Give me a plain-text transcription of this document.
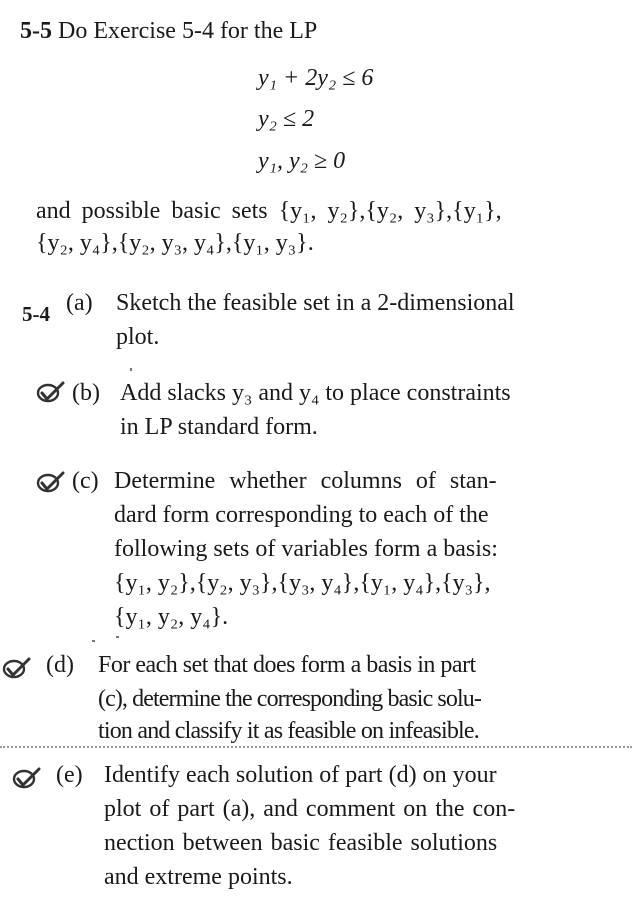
5-5 Do Exercise 5-4 for the LP
y₁ + 2y₂ ≤ 6
y₂ ≤ 2
y₁, y₂ ≥ 0
and possible basic sets {y₁, y₂},{y₂, y₃},{y₁},
{y₂, y₄},{y₂, y₃, y₄},{y₁, y₃}.
5-4 (a) Sketch the feasible set in a 2-dimensional
plot.
(b) Add slacks y₃ and y₄ to place constraints
in LP standard form.
(c) Determine whether columns of stan-
dard form corresponding to each of the
following sets of variables form a basis:
{y₁, y₂},{y₂, y₃},{y₃, y₄},{y₁, y₄},{y₃},
{y₁, y₂, y₄}.
(d) For each set that does form a basis in part
(c), determine the corresponding basic solu-
tion and classify it as feasible on infeasible.
(e) Identify each solution of part (d) on your
plot of part (a), and comment on the con-
nection between basic feasible solutions
and extreme points.
